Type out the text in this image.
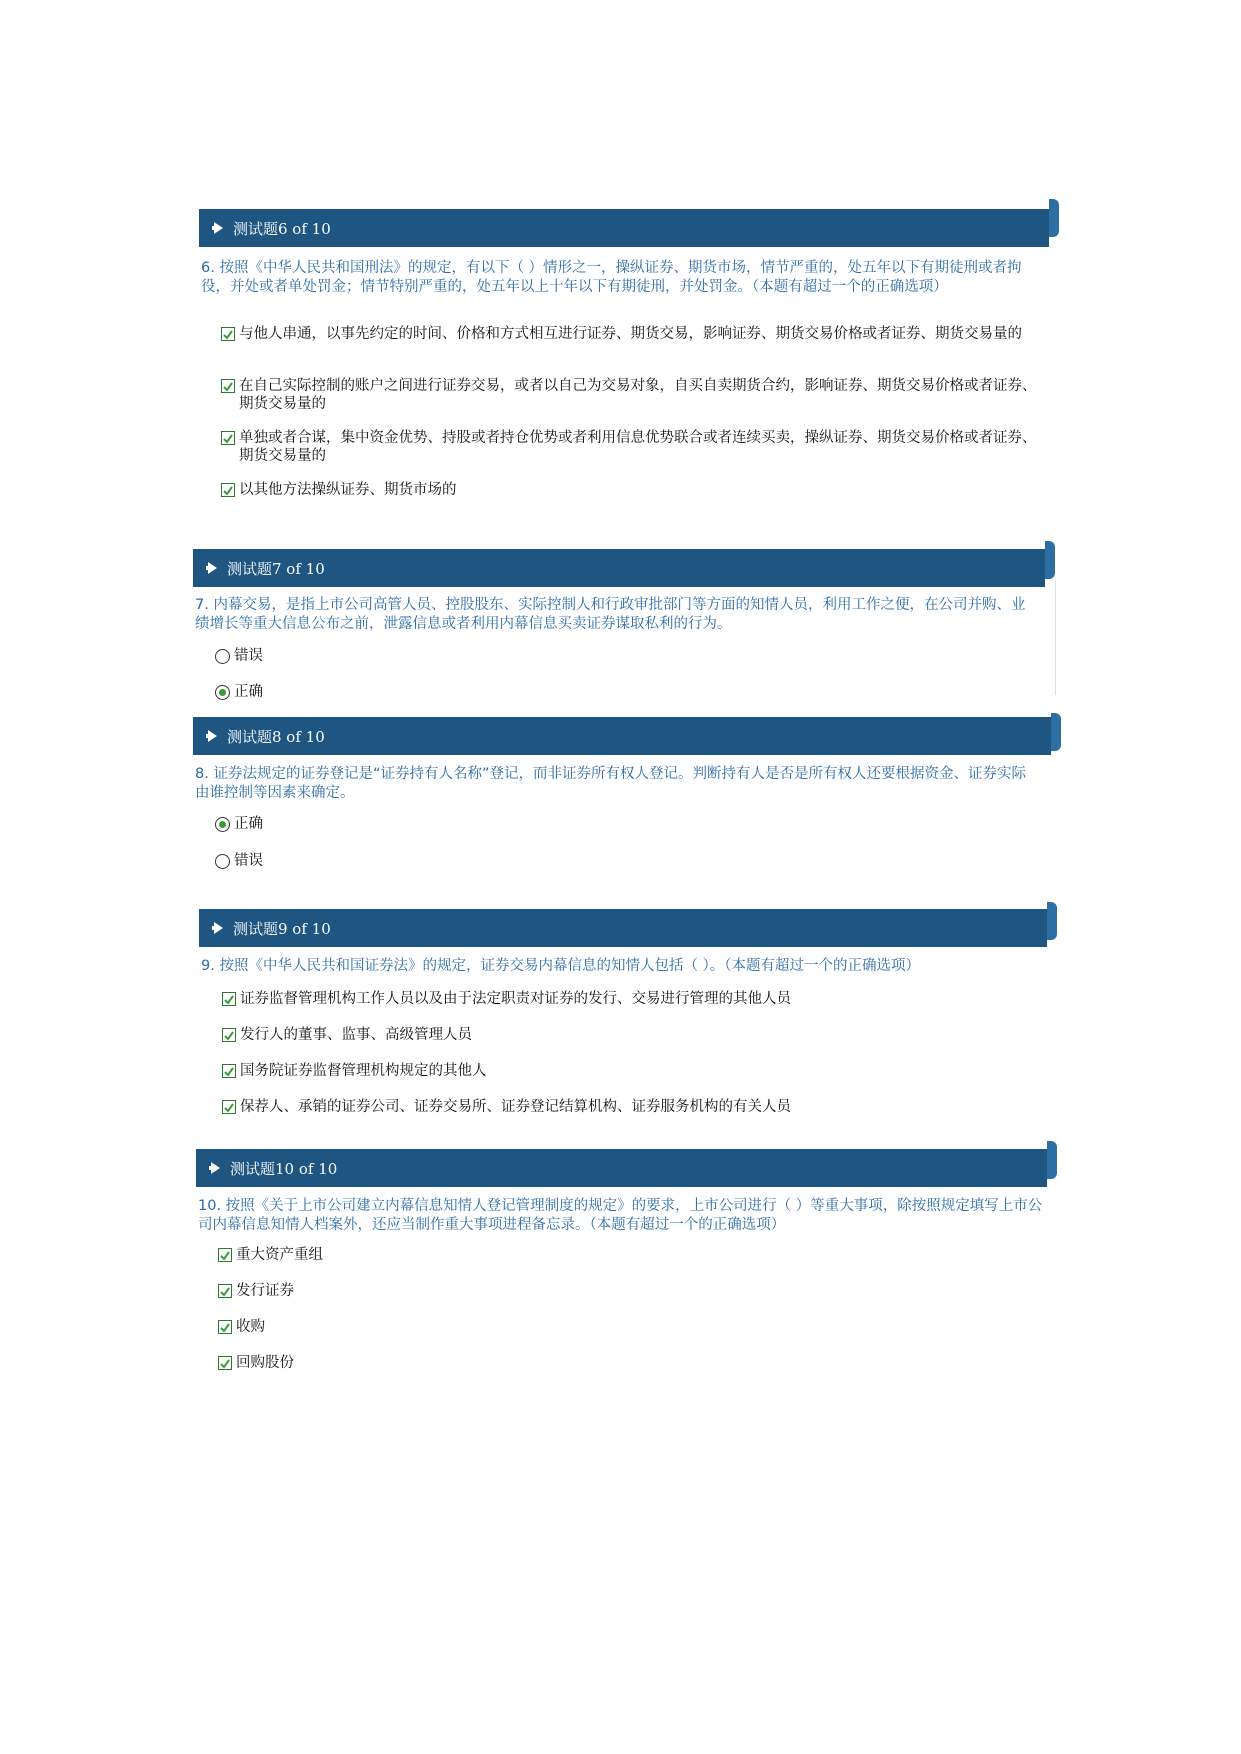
测试题6 of 10
6. 按照《中华人民共和国刑法》的规定，有以下（ ）情形之一，操纵证券、期货市场，情节严重的，处五年以下有期徒刑或者拘役，并处或者单处罚金；情节特别严重的，处五年以上十年以下有期徒刑，并处罚金。（本题有超过一个的正确选项）
与他人串通，以事先约定的时间、价格和方式相互进行证券、期货交易，影响证券、期货交易价格或者证券、期货交易量的
在自己实际控制的账户之间进行证券交易，或者以自己为交易对象，自买自卖期货合约，影响证券、期货交易价格或者证券、期货交易量的
单独或者合谋，集中资金优势、持股或者持仓优势或者利用信息优势联合或者连续买卖，操纵证券、期货交易价格或者证券、期货交易量的
以其他方法操纵证券、期货市场的
测试题7 of 10
7. 内幕交易，是指上市公司高管人员、控股股东、实际控制人和行政审批部门等方面的知情人员，利用工作之便，在公司并购、业绩增长等重大信息公布之前，泄露信息或者利用内幕信息买卖证券谋取私利的行为。
错误
正确
测试题8 of 10
8. 证券法规定的证券登记是“证券持有人名称”登记，而非证券所有权人登记。判断持有人是否是所有权人还要根据资金、证券实际由谁控制等因素来确定。
正确
错误
测试题9 of 10
9. 按照《中华人民共和国证券法》的规定，证券交易内幕信息的知情人包括（ ）。（本题有超过一个的正确选项）
证券监督管理机构工作人员以及由于法定职责对证券的发行、交易进行管理的其他人员
发行人的董事、监事、高级管理人员
国务院证券监督管理机构规定的其他人
保荐人、承销的证券公司、证券交易所、证券登记结算机构、证券服务机构的有关人员
测试题10 of 10
10. 按照《关于上市公司建立内幕信息知情人登记管理制度的规定》的要求，上市公司进行（ ）等重大事项，除按照规定填写上市公司内幕信息知情人档案外，还应当制作重大事项进程备忘录。（本题有超过一个的正确选项）
重大资产重组
发行证券
收购
回购股份
